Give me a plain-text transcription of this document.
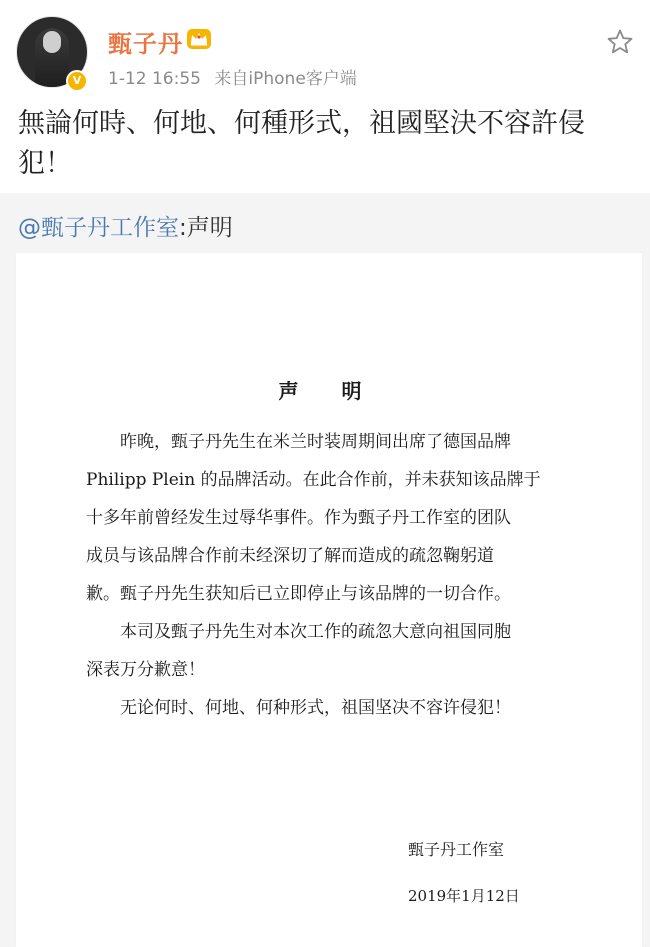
V
甄子丹
1-12 16:55 来自iPhone客户端
無論何時、何地、何種形式，祖國堅決不容許侵
犯！
@甄子丹工作室:声明
声 明
昨晚，甄子丹先生在米兰时装周期间出席了德国品牌
Philipp Plein 的品牌活动。在此合作前，并未获知该品牌于
十多年前曾经发生过辱华事件。作为甄子丹工作室的团队
成员与该品牌合作前未经深切了解而造成的疏忽鞠躬道
歉。甄子丹先生获知后已立即停止与该品牌的一切合作。
本司及甄子丹先生对本次工作的疏忽大意向祖国同胞
深表万分歉意！
无论何时、何地、何种形式，祖国坚决不容许侵犯！
甄子丹工作室
2019年1月12日
